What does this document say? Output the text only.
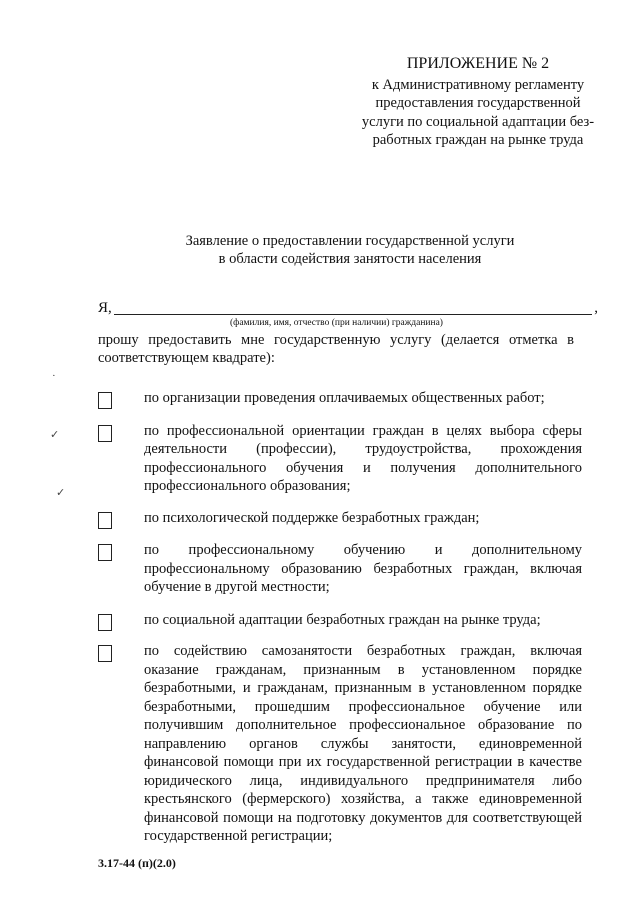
ПРИЛОЖЕНИЕ № 2
к Административному регламенту
предоставления государственной
услуги по социальной адаптации без-
работных граждан на рынке труда
Заявление о предоставлении государственной услуги
в области содействия занятости населения
Я,	,
(фамилия, имя, отчество (при наличии) гражданина)
прошу предоставить мне государственную услугу (делается отметка в соответствующем квадрате):
·
✓
✓
по организации проведения оплачиваемых общественных работ;
по профессиональной ориентации граждан в целях выбора сферы деятельности (профессии), трудоустройства, прохождения профессионального обучения и получения дополнительного профессионального образования;
по психологической поддержке безработных граждан;
по профессиональному обучению и дополнительному профессиональному образованию безработных граждан, включая обучение в другой местности;
по социальной адаптации безработных граждан на рынке труда;
по содействию самозанятости безработных граждан, включая оказание гражданам, признанным в установленном порядке безработными, и гражданам, признанным в установленном порядке безработными, прошедшим профессиональное обучение или получившим дополнительное профессиональное образование по направлению органов службы занятости, единовременной финансовой помощи при их государственной регистрации в качестве юридического лица, индивидуального предпринимателя либо крестьянского (фермерского) хозяйства, а также единовременной финансовой помощи на подготовку документов для соответствующей государственной регистрации;
3.17-44 (п)(2.0)
